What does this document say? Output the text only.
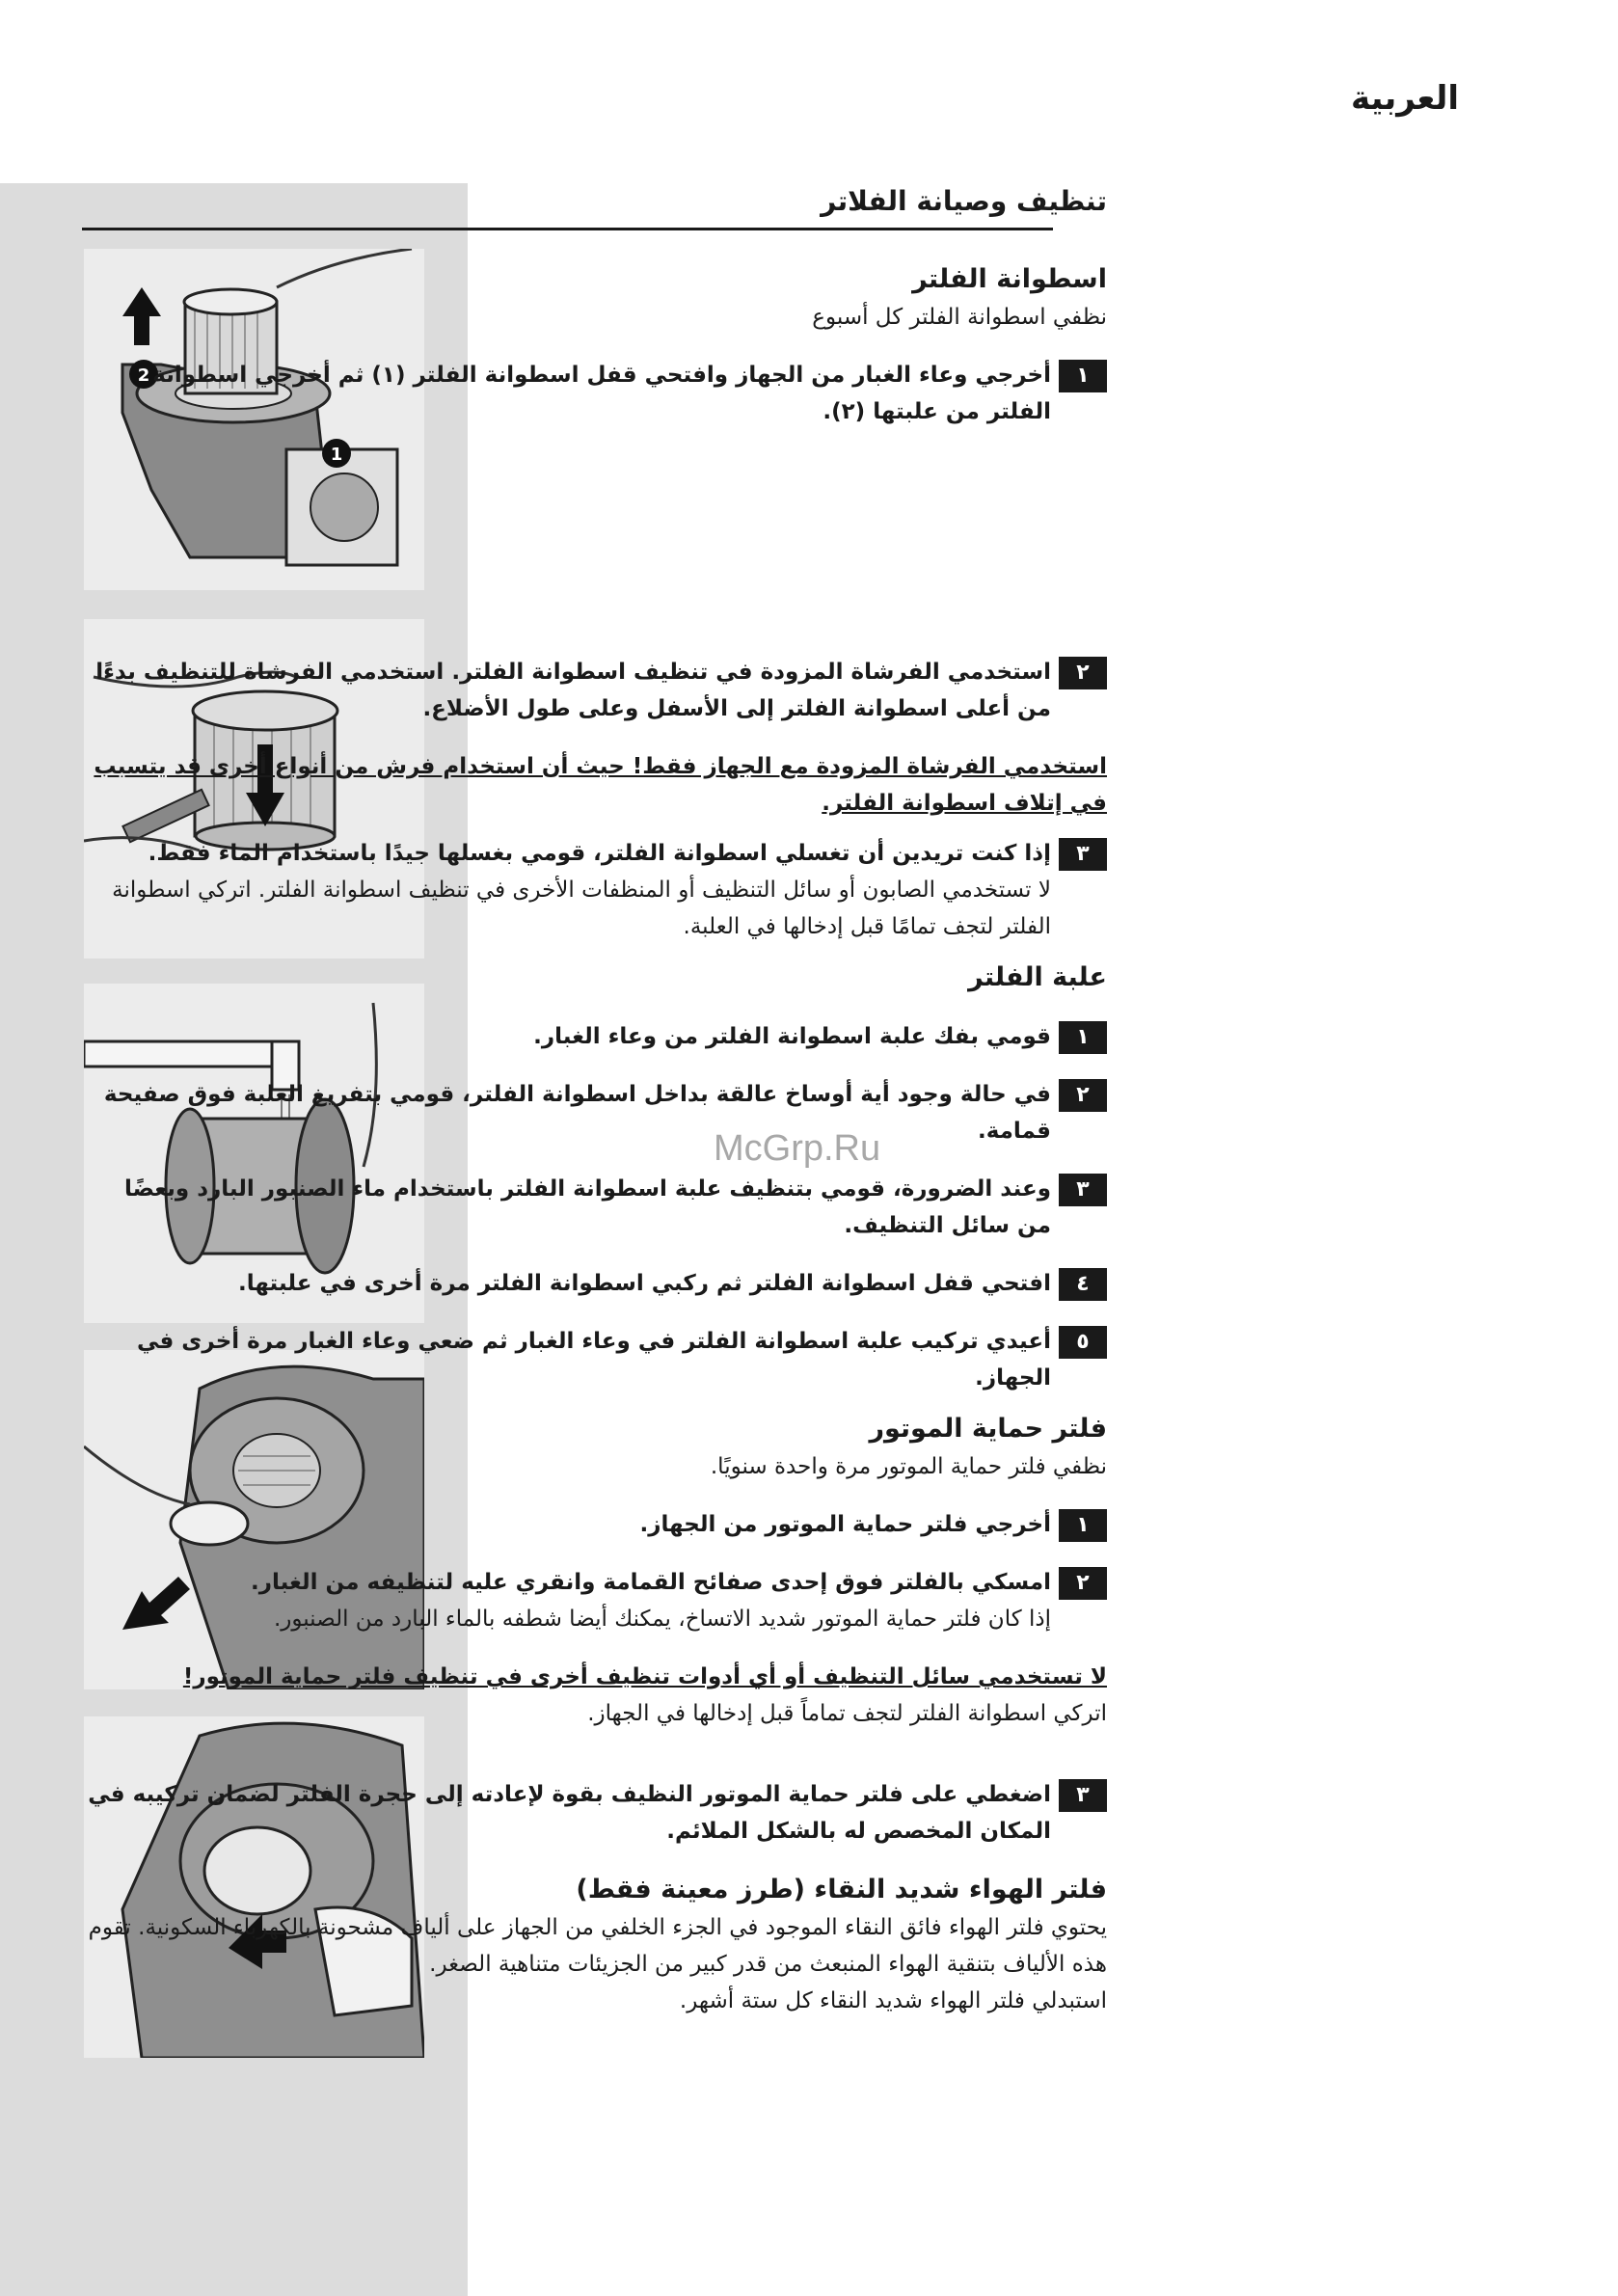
العربية
تنظيف وصيانة الفلاتر
2
1
McGrp.Ru
اسطوانة الفلتر

نظفي اسطوانة الفلتر كل أسبوع

١
أخرجي وعاء الغبار من الجهاز وافتحي قفل اسطوانة الفلتر (١) ثم أخرجي اسطوانة الفلتر من علبتها (٢).
٢
استخدمي الفرشاة المزودة في تنظيف اسطوانة الفلتر. استخدمي الفرشاة للتنظيف بدءًا من أعلى اسطوانة الفلتر إلى الأسفل وعلى طول الأضلاع.

استخدمي الفرشاة المزودة مع الجهاز فقط! حيث أن استخدام فرش من أنواع أخرى قد يتسبب في إتلاف اسطوانة الفلتر.

٣
إذا كنت تريدين أن تغسلي اسطوانة الفلتر، قومي بغسلها جيدًا باستخدام الماء فقط.
لا تستخدمي الصابون أو سائل التنظيف أو المنظفات الأخرى في تنظيف اسطوانة الفلتر. اتركي اسطوانة الفلتر لتجف تمامًا قبل إدخالها في العلبة.
علبة الفلتر
١
قومي بفك علبة اسطوانة الفلتر من وعاء الغبار.
٢
في حالة وجود أية أوساخ عالقة بداخل اسطوانة الفلتر، قومي بتفريغ العلبة فوق صفيحة قمامة.
٣
وعند الضرورة، قومي بتنظيف علبة اسطوانة الفلتر باستخدام ماء الصنبور البارد وبعضًا من سائل التنظيف.
٤
افتحي قفل اسطوانة الفلتر ثم ركبي اسطوانة الفلتر مرة أخرى في علبتها.
٥
أعيدي تركيب علبة اسطوانة الفلتر في وعاء الغبار ثم ضعي وعاء الغبار مرة أخرى في الجهاز.
فلتر حماية الموتور

نظفي فلتر حماية الموتور مرة واحدة سنويًا.

١
أخرجي فلتر حماية الموتور من الجهاز.
٢
امسكي بالفلتر فوق إحدى صفائح القمامة وانقري عليه لتنظيفه من الغبار.
إذا كان فلتر حماية الموتور شديد الاتساخ، يمكنك أيضا شطفه بالماء البارد من الصنبور.

لا تستخدمي سائل التنظيف أو أي أدوات تنظيف أخرى في تنظيف فلتر حماية الموتور!

اتركي اسطوانة الفلتر لتجف تماماً قبل إدخالها في الجهاز.

٣
اضغطي على فلتر حماية الموتور النظيف بقوة لإعادته إلى حجرة الفلتر لضمان تركيبه في المكان المخصص له بالشكل الملائم.
فلتر الهواء شديد النقاء (طرز معينة فقط)

يحتوي فلتر الهواء فائق النقاء الموجود في الجزء الخلفي من الجهاز على ألياف مشحونة بالكهرباء السكونية. تقوم هذه الألياف بتنقية الهواء المنبعث من قدر كبير من الجزيئات متناهية الصغر.

استبدلي فلتر الهواء شديد النقاء كل ستة أشهر.
